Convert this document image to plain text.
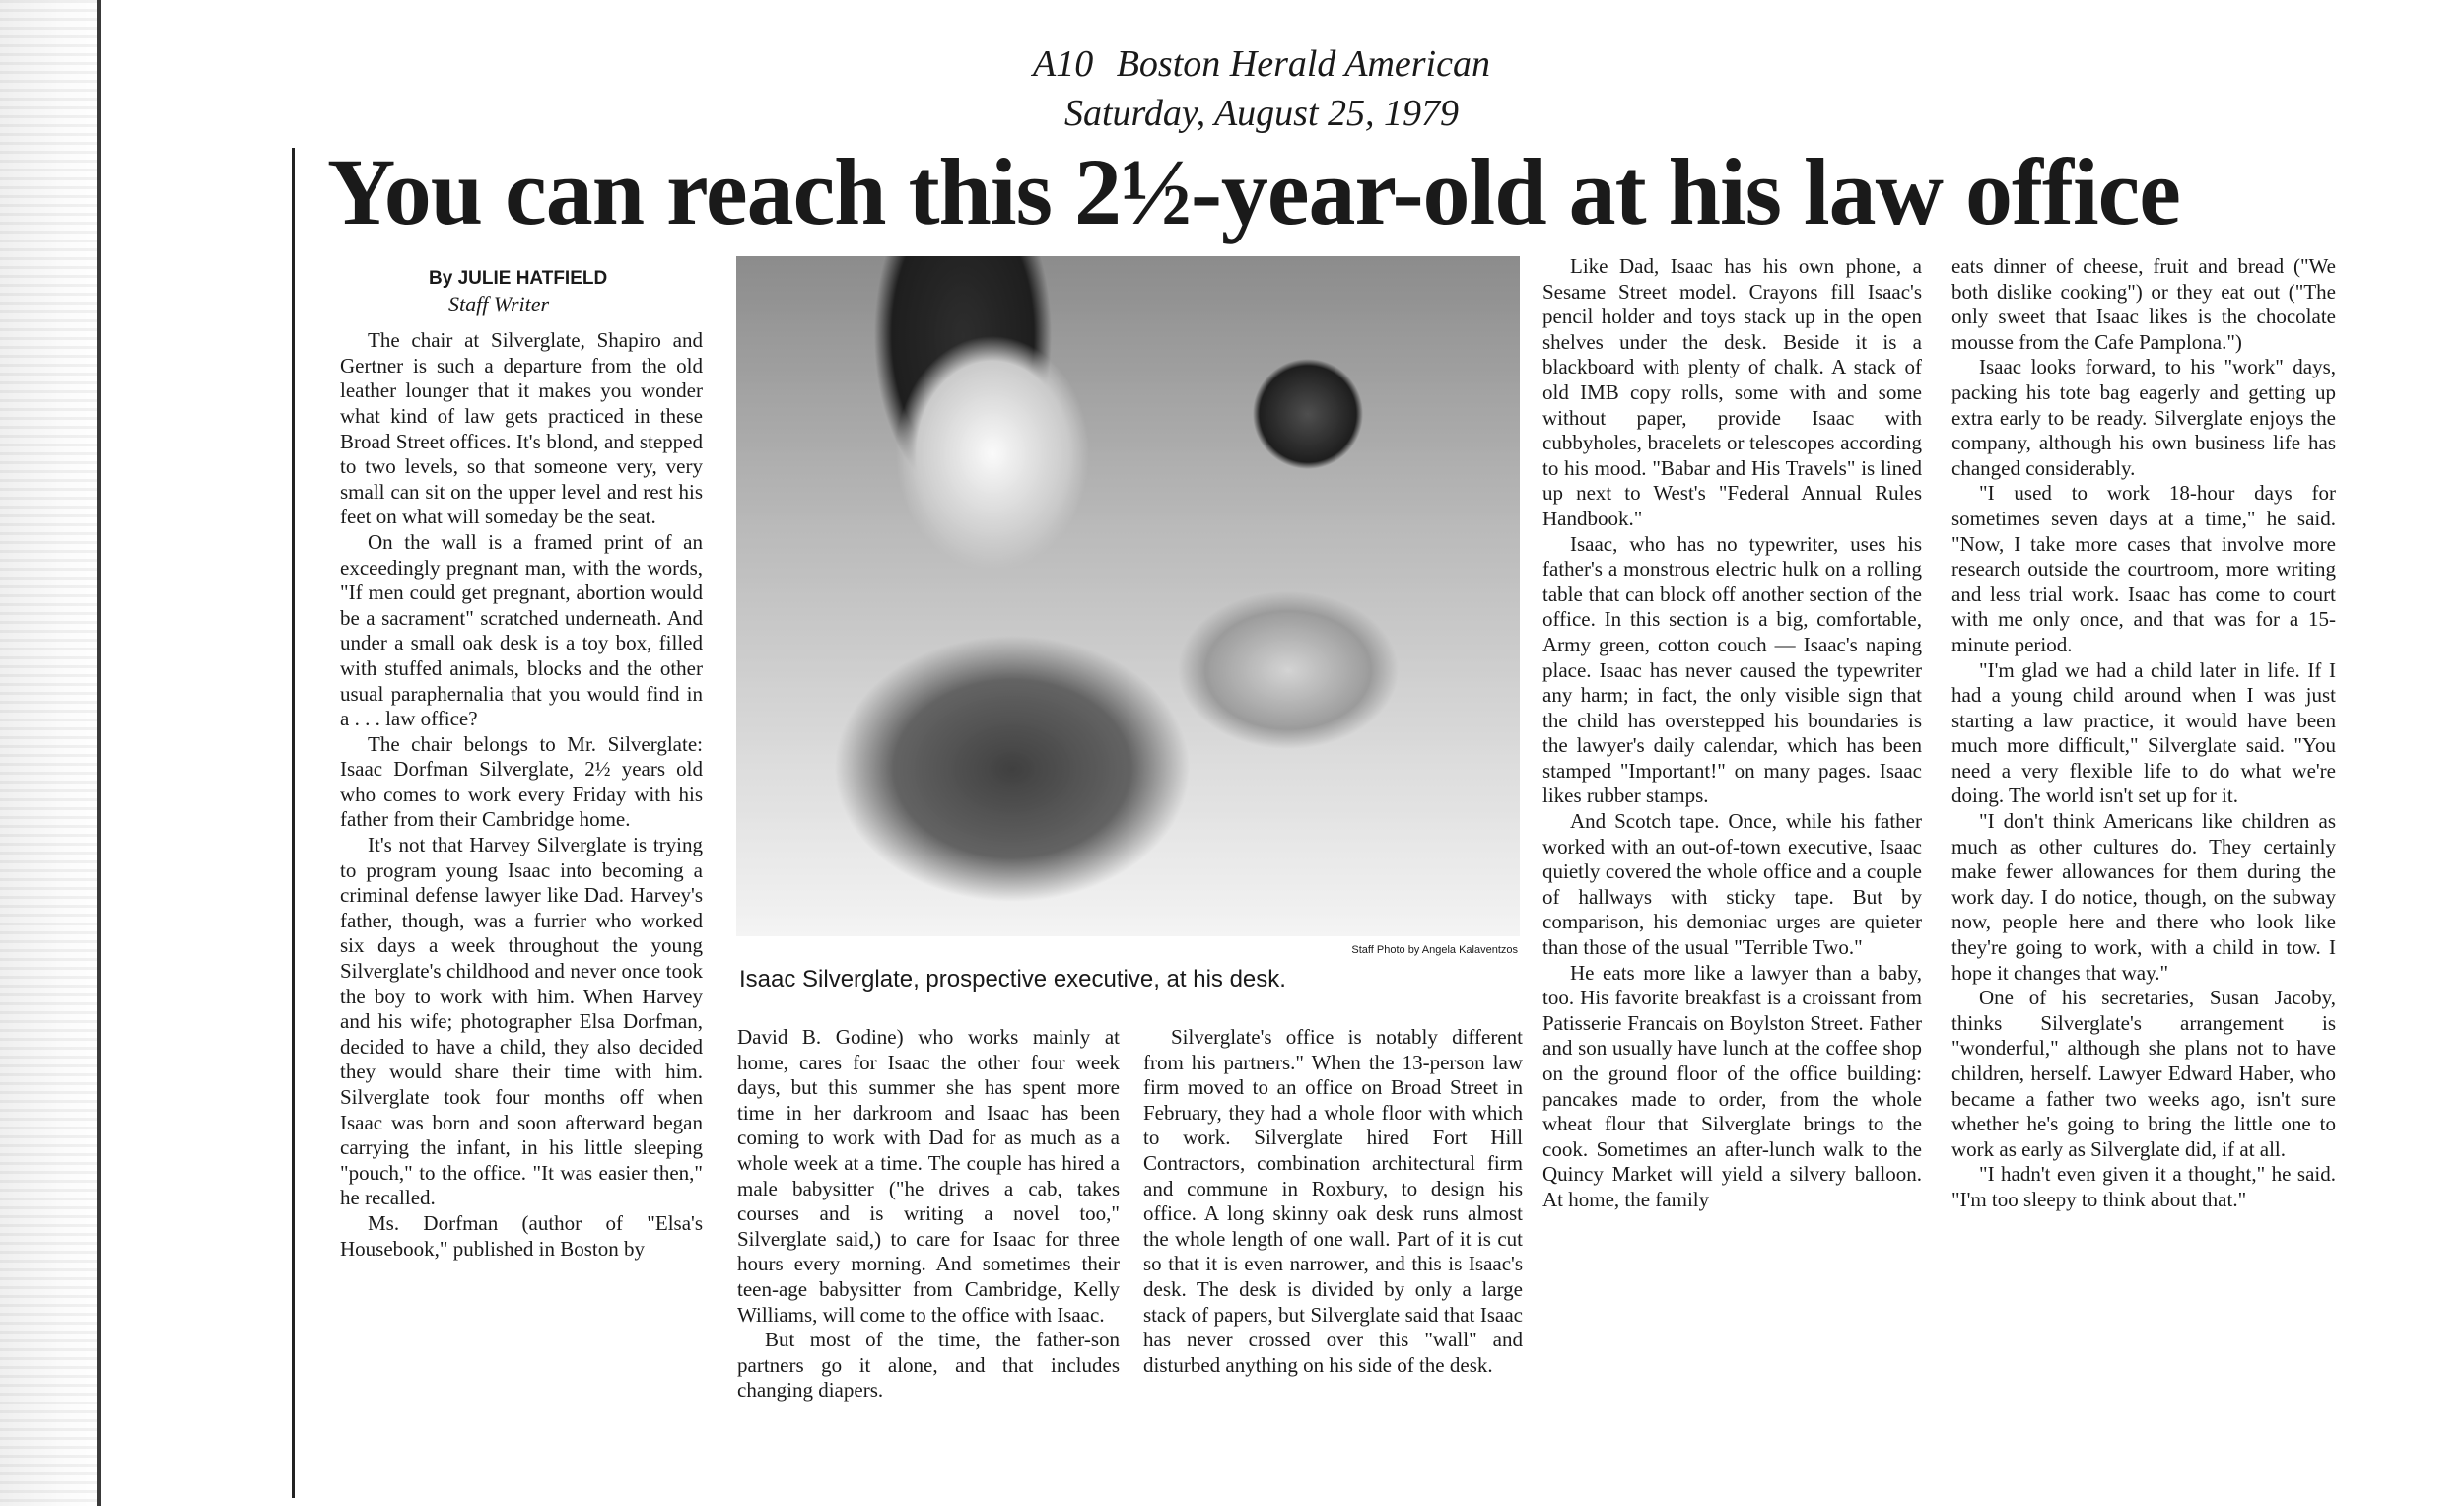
A10 Boston Herald American
Saturday, August 25, 1979
You can reach this 2½-year-old at his law office
By JULIE HATFIELD
Staff Writer

The chair at Silverglate, Shapiro and Gertner is such a departure from the old leather lounger that it makes you wonder what kind of law gets practiced in these Broad Street offices. It's blond, and stepped to two levels, so that someone very, very small can sit on the upper level and rest his feet on what will someday be the seat.

On the wall is a framed print of an exceedingly pregnant man, with the words, "If men could get pregnant, abortion would be a sacrament" scratched underneath. And under a small oak desk is a toy box, filled with stuffed animals, blocks and the other usual paraphernalia that you would find in a . . . law office?

The chair belongs to Mr. Silverglate: Isaac Dorfman Silverglate, 2½ years old who comes to work every Friday with his father from their Cambridge home.

It's not that Harvey Silverglate is trying to program young Isaac into becoming a criminal defense lawyer like Dad. Harvey's father, though, was a furrier who worked six days a week throughout the young Silverglate's childhood and never once took the boy to work with him. When Harvey and his wife; photographer Elsa Dorfman, decided to have a child, they also decided they would share their time with him. Silverglate took four months off when Isaac was born and soon afterward began carrying the infant, in his little sleeping "pouch," to the office. "It was easier then," he recalled.

Ms. Dorfman (author of "Elsa's Housebook," published in Boston by

Staff Photo by Angela Kalaventzos
Isaac Silverglate, prospective executive, at his desk.

David B. Godine) who works mainly at home, cares for Isaac the other four week days, but this summer she has spent more time in her darkroom and Isaac has been coming to work with Dad for as much as a whole week at a time. The couple has hired a male babysitter ("he drives a cab, takes courses and is writing a novel too," Silverglate said,) to care for Isaac for three hours every morning. And sometimes their teen-age babysitter from Cambridge, Kelly Williams, will come to the office with Isaac.

But most of the time, the father-son partners go it alone, and that includes changing diapers.

Silverglate's office is notably different from his partners." When the 13-person law firm moved to an office on Broad Street in February, they had a whole floor with which to work. Silverglate hired Fort Hill Contractors, combination architectural firm and commune in Roxbury, to design his office. A long skinny oak desk runs almost the whole length of one wall. Part of it is cut so that it is even narrower, and this is Isaac's desk. The desk is divided by only a large stack of papers, but Silverglate said that Isaac has never crossed over this "wall" and disturbed anything on his side of the desk.

Like Dad, Isaac has his own phone, a Sesame Street model. Crayons fill Isaac's pencil holder and toys stack up in the open shelves under the desk. Beside it is a blackboard with plenty of chalk. A stack of old IMB copy rolls, some with and some without paper, provide Isaac with cubbyholes, bracelets or telescopes according to his mood. "Babar and His Travels" is lined up next to West's "Federal Annual Rules Handbook."

Isaac, who has no typewriter, uses his father's a monstrous electric hulk on a rolling table that can block off another section of the office. In this section is a big, comfortable, Army green, cotton couch — Isaac's naping place. Isaac has never caused the typewriter any harm; in fact, the only visible sign that the child has overstepped his boundaries is the lawyer's daily calendar, which has been stamped "Important!" on many pages. Isaac likes rubber stamps.

And Scotch tape. Once, while his father worked with an out-of-town executive, Isaac quietly covered the whole office and a couple of hallways with sticky tape. But by comparison, his demoniac urges are quieter than those of the usual "Terrible Two."

He eats more like a lawyer than a baby, too. His favorite breakfast is a croissant from Patisserie Francais on Boylston Street. Father and son usually have lunch at the coffee shop on the ground floor of the office building: pancakes made to order, from the whole wheat flour that Silverglate brings to the cook. Sometimes an after-lunch walk to the Quincy Market will yield a silvery balloon. At home, the family

eats dinner of cheese, fruit and bread ("We both dislike cooking") or they eat out ("The only sweet that Isaac likes is the chocolate mousse from the Cafe Pamplona.")

Isaac looks forward, to his "work" days, packing his tote bag eagerly and getting up extra early to be ready. Silverglate enjoys the company, although his own business life has changed considerably.

"I used to work 18-hour days for sometimes seven days at a time," he said. "Now, I take more cases that involve more research outside the courtroom, more writing and less trial work. Isaac has come to court with me only once, and that was for a 15-minute period.

"I'm glad we had a child later in life. If I had a young child around when I was just starting a law practice, it would have been much more difficult," Silverglate said. "You need a very flexible life to do what we're doing. The world isn't set up for it.

"I don't think Americans like children as much as other cultures do. They certainly make fewer allowances for them during the work day. I do notice, though, on the subway now, people here and there who look like they're going to work, with a child in tow. I hope it changes that way."

One of his secretaries, Susan Jacoby, thinks Silverglate's arrangement is "wonderful," although she plans not to have children, herself. Lawyer Edward Haber, who became a father two weeks ago, isn't sure whether he's going to bring the little one to work as early as Silverglate did, if at all.

"I hadn't even given it a thought," he said. "I'm too sleepy to think about that."
